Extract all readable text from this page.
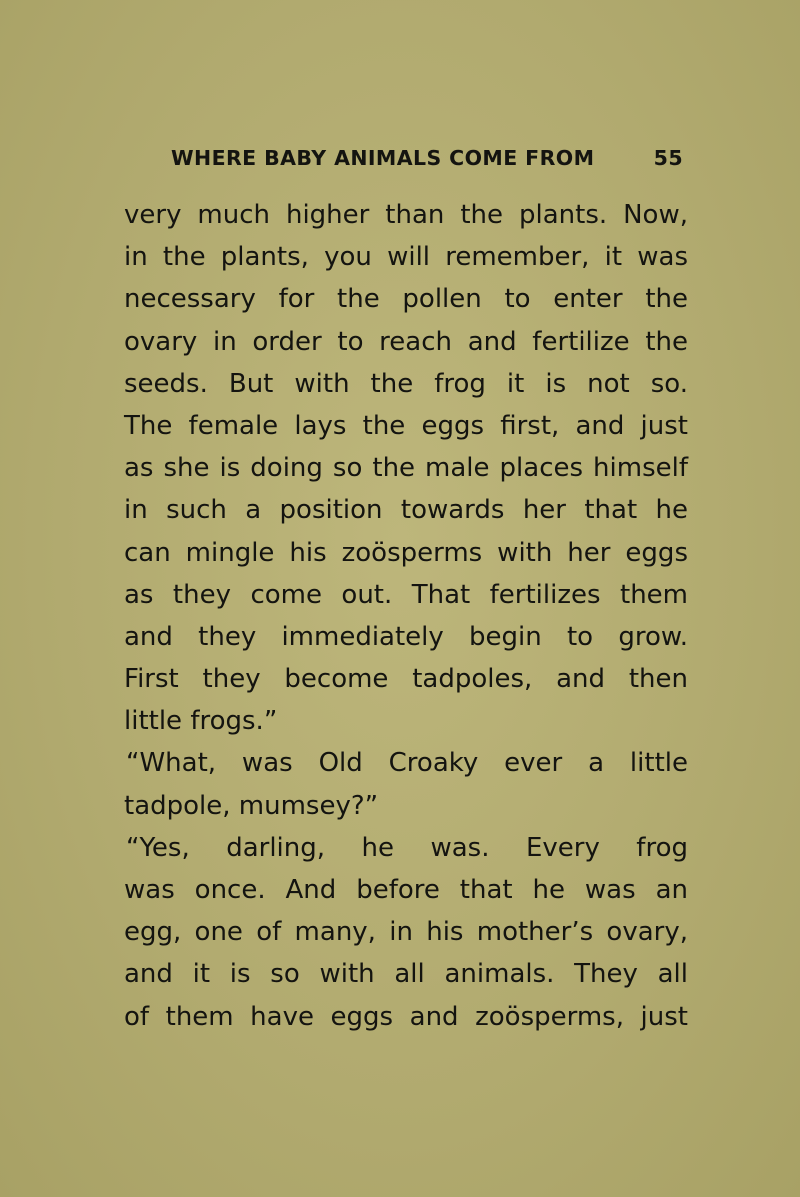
WHERE BABY ANIMALS COME FROM	55
very much higher than the plants. Now,
in the plants, you will remember, it was
necessary for the pollen to enter the
ovary in order to reach and fertilize the
seeds. But with the frog it is not so.
The female lays the eggs first, and just
as she is doing so the male places himself
in such a position towards her that he
can mingle his zoösperms with her eggs
as they come out. That fertilizes them
and they immediately begin to grow.
First they become tadpoles, and then
little frogs.”
“What, was Old Croaky ever a little
tadpole, mumsey?”
“Yes, darling, he was. Every frog
was once. And before that he was an
egg, one of many, in his mother’s ovary,
and it is so with all animals. They all
of them have eggs and zoösperms, just
